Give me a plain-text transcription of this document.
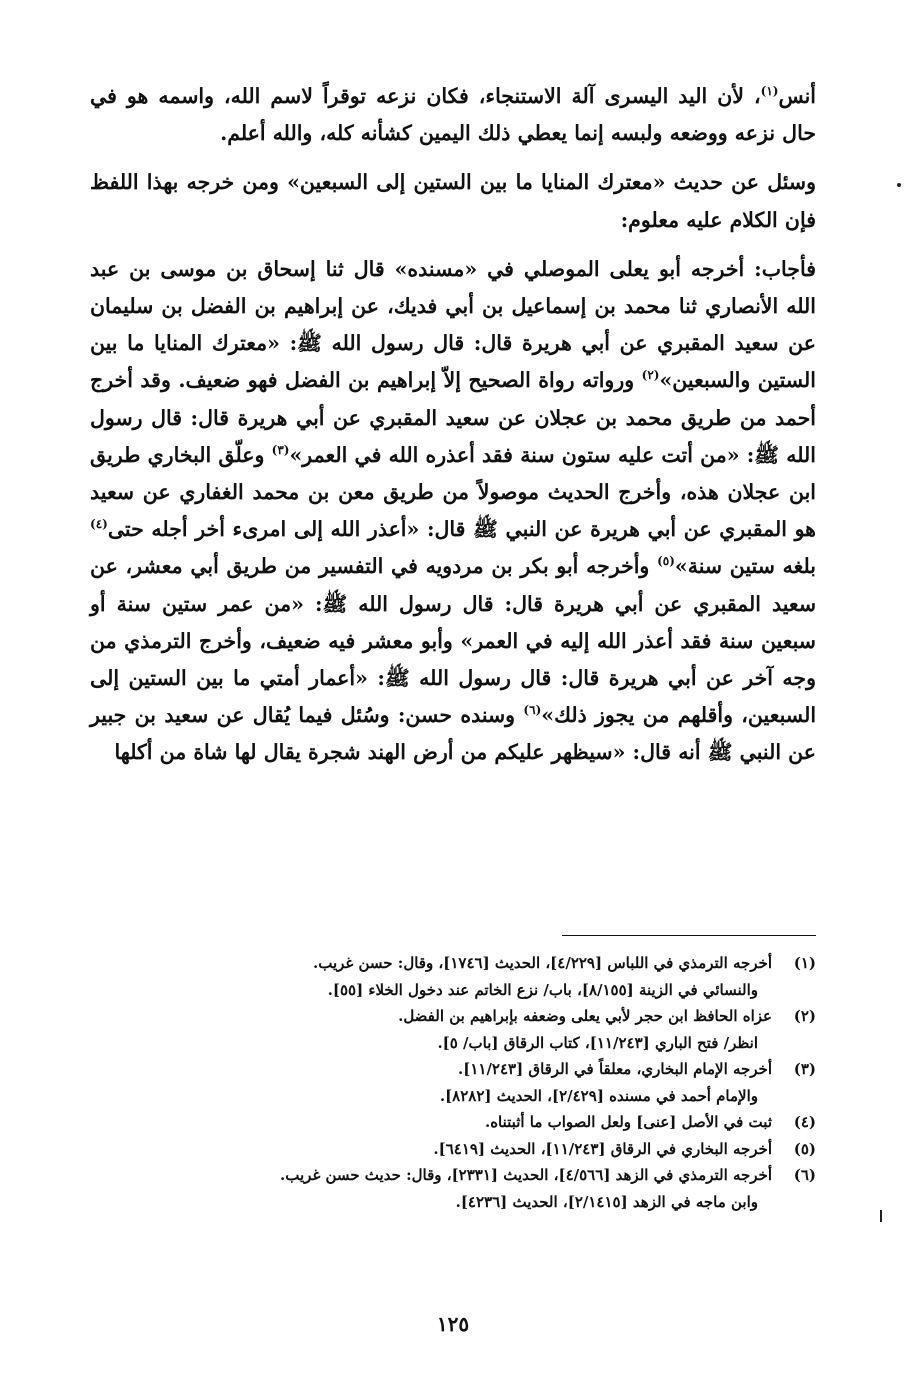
أنس$^{(١)}$، لأن اليد اليسرى آلة الاستنجاء، فكان نزعه توقراً لاسم الله، واسمه هو في حال نزعه ووضعه ولبسه إنما يعطي ذلك اليمين كشأنه كله، والله أعلم.

وسئل عن حديث «معترك المنايا ما بين الستين إلى السبعين» ومن خرجه بهذا اللفظ فإن الكلام عليه معلوم:

فأجاب: أخرجه أبو يعلى الموصلي في «مسنده» قال ثنا إسحاق بن موسى بن عبد الله الأنصاري ثنا محمد بن إسماعيل بن أبي فديك، عن إبراهيم بن الفضل بن سليمان عن سعيد المقبري عن أبي هريرة قال: قال رسول الله ﷺ: «معترك المنايا ما بين الستين والسبعين»$^{(٢)}$ ورواته رواة الصحيح إلاّ إبراهيم بن الفضل فهو ضعيف. وقد أخرج أحمد من طريق محمد بن عجلان عن سعيد المقبري عن أبي هريرة قال: قال رسول الله ﷺ: «من أتت عليه ستون سنة فقد أعذره الله في العمر»$^{(٣)}$ وعلّق البخاري طريق ابن عجلان هذه، وأخرج الحديث موصولاً من طريق معن بن محمد الغفاري عن سعيد هو المقبري عن أبي هريرة عن النبي ﷺ قال: «أعذر الله إلى امرىء أخر أجله حتى$^{(٤)}$ بلغه ستين سنة»$^{(٥)}$ وأخرجه أبو بكر بن مردويه في التفسير من طريق أبي معشر، عن سعيد المقبري عن أبي هريرة قال: قال رسول الله ﷺ: «من عمر ستين سنة أو سبعين سنة فقد أعذر الله إليه في العمر» وأبو معشر فيه ضعيف، وأخرج الترمذي من وجه آخر عن أبي هريرة قال: قال رسول الله ﷺ: «أعمار أمتي ما بين الستين إلى السبعين، وأقلهم من يجوز ذلك»$^{(٦)}$ وسنده حسن: وسُئل فيما يُقال عن سعيد بن جبير عن النبي ﷺ أنه قال: «سيظهر عليكم من أرض الهند شجرة يقال لها شاة من أكلها

(١)
أخرجه الترمذي في اللباس [٤/٢٢٩]، الحديث [١٧٤٦]، وقال: حسن غريب.
والنسائي في الزينة [٨/١٥٥]، باب/ نزع الخاتم عند دخول الخلاء [٥٥].
(٢)
عزاه الحافظ ابن حجر لأبي يعلى وضعفه بإبراهيم بن الفضل.
انظر/ فتح الباري [١١/٢٤٣]، كتاب الرقاق [باب/ ٥].
(٣)
أخرجه الإمام البخاري، معلقاً في الرقاق [١١/٢٤٣].
والإمام أحمد في مسنده [٢/٤٢٩]، الحديث [٨٢٨٢].
(٤)
ثبت في الأصل [عنى] ولعل الصواب ما أثبتناه.
(٥)
أخرجه البخاري في الرقاق [١١/٢٤٣]، الحديث [٦٤١٩].
(٦)
أخرجه الترمذي في الزهد [٤/٥٦٦]، الحديث [٢٣٣١]، وقال: حديث حسن غريب.
وابن ماجه في الزهد [٢/١٤١٥]، الحديث [٤٢٣٦].
١٢٥
